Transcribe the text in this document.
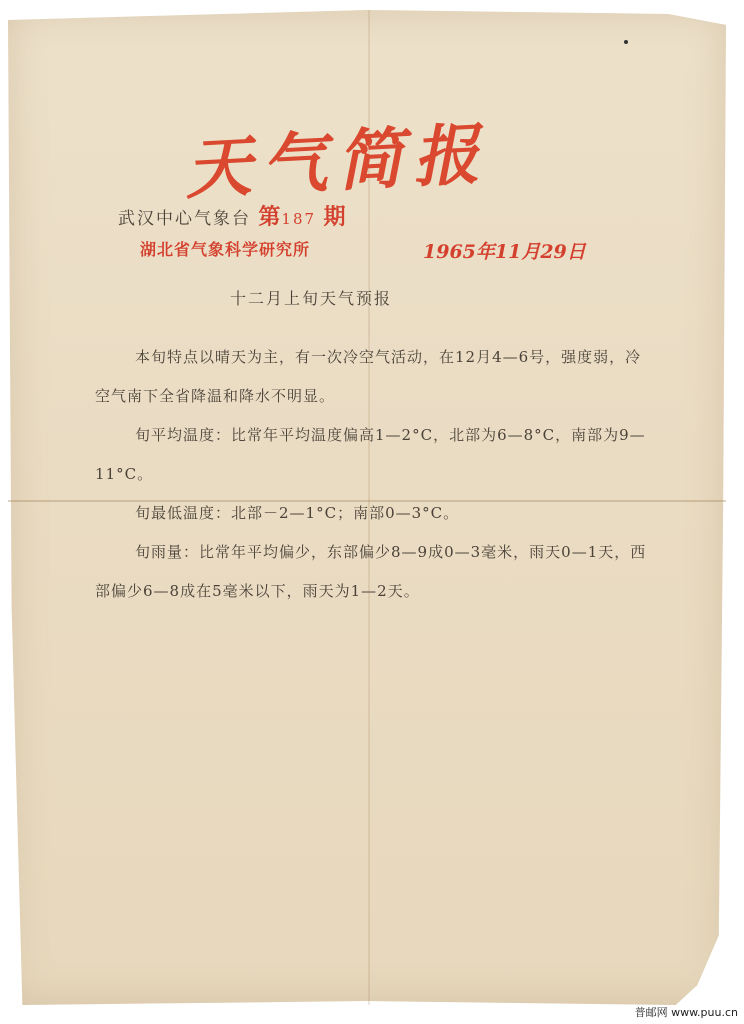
天气简报
武汉中心气象台 第187 期
湖北省气象科学研究所	1965年11月29日
十二月上旬天气预报

本旬特点以晴天为主，有一次冷空气活动，在12月4—6号，强度弱，冷空气南下全省降温和降水不明显。

旬平均温度：比常年平均温度偏高1—2°C，北部为6—8°C，南部为9—11°C。

旬最低温度：北部－2—1°C；南部0—3°C。

旬雨量：比常年平均偏少，东部偏少8—9成0—3毫米，雨天0—1天，西部偏少6—8成在5毫米以下，雨天为1—2天。

普邮网 www.puu.cn
